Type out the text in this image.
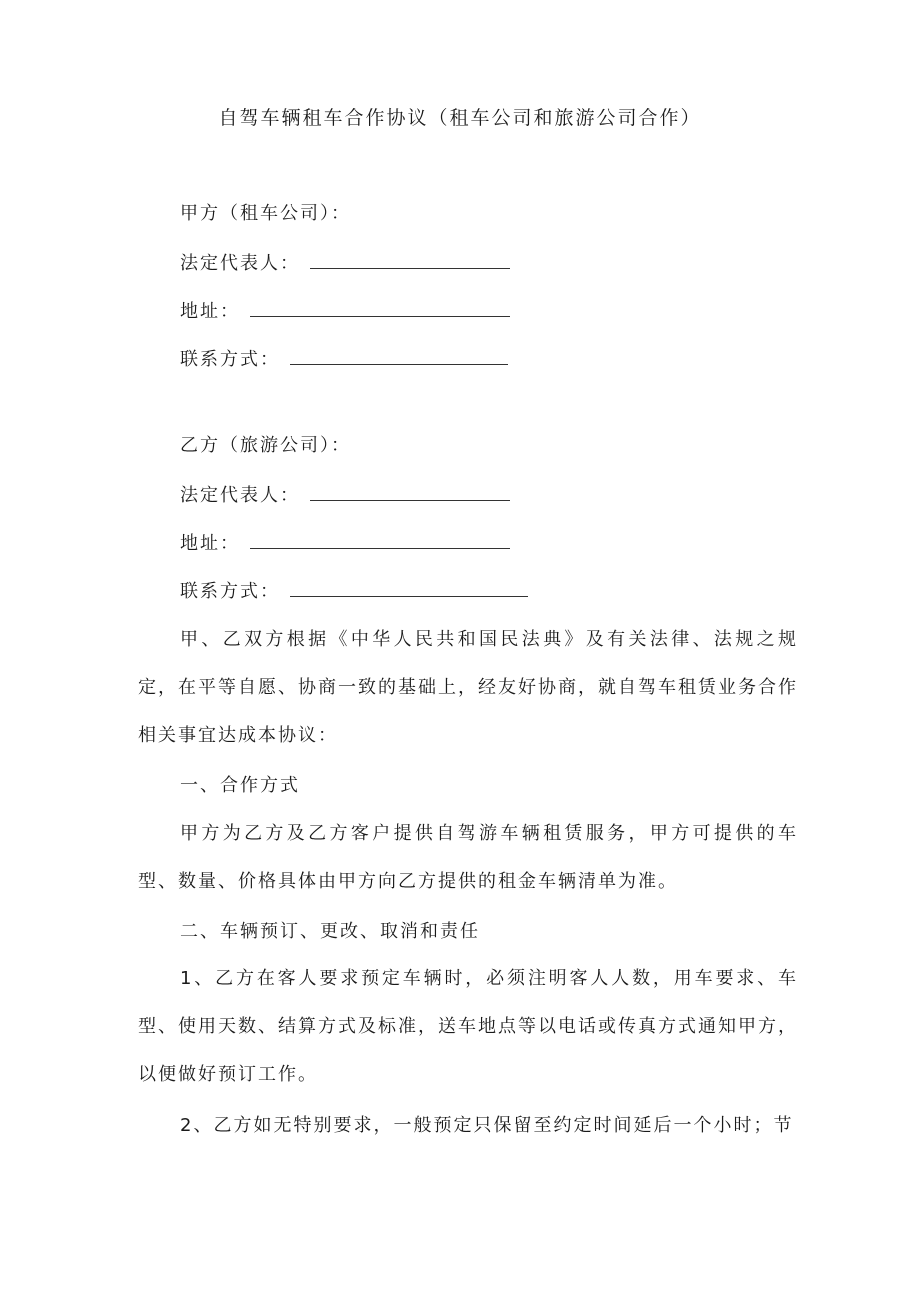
自驾车辆租车合作协议（租车公司和旅游公司合作）
甲方（租车公司）：
法定代表人：
地址：
联系方式：
乙方（旅游公司）：
法定代表人：
地址：
联系方式：
甲、乙双方根据《中华人民共和国民法典》及有关法律、法规之规定，在平等自愿、协商一致的基础上，经友好协商，就自驾车租赁业务合作相关事宜达成本协议：
一、合作方式
甲方为乙方及乙方客户提供自驾游车辆租赁服务，甲方可提供的车型、数量、价格具体由甲方向乙方提供的租金车辆清单为准。
二、车辆预订、更改、取消和责任
1、乙方在客人要求预定车辆时，必须注明客人人数，用车要求、车型、使用天数、结算方式及标准，送车地点等以电话或传真方式通知甲方，以便做好预订工作。
2、乙方如无特别要求，一般预定只保留至约定时间延后一个小时；节
